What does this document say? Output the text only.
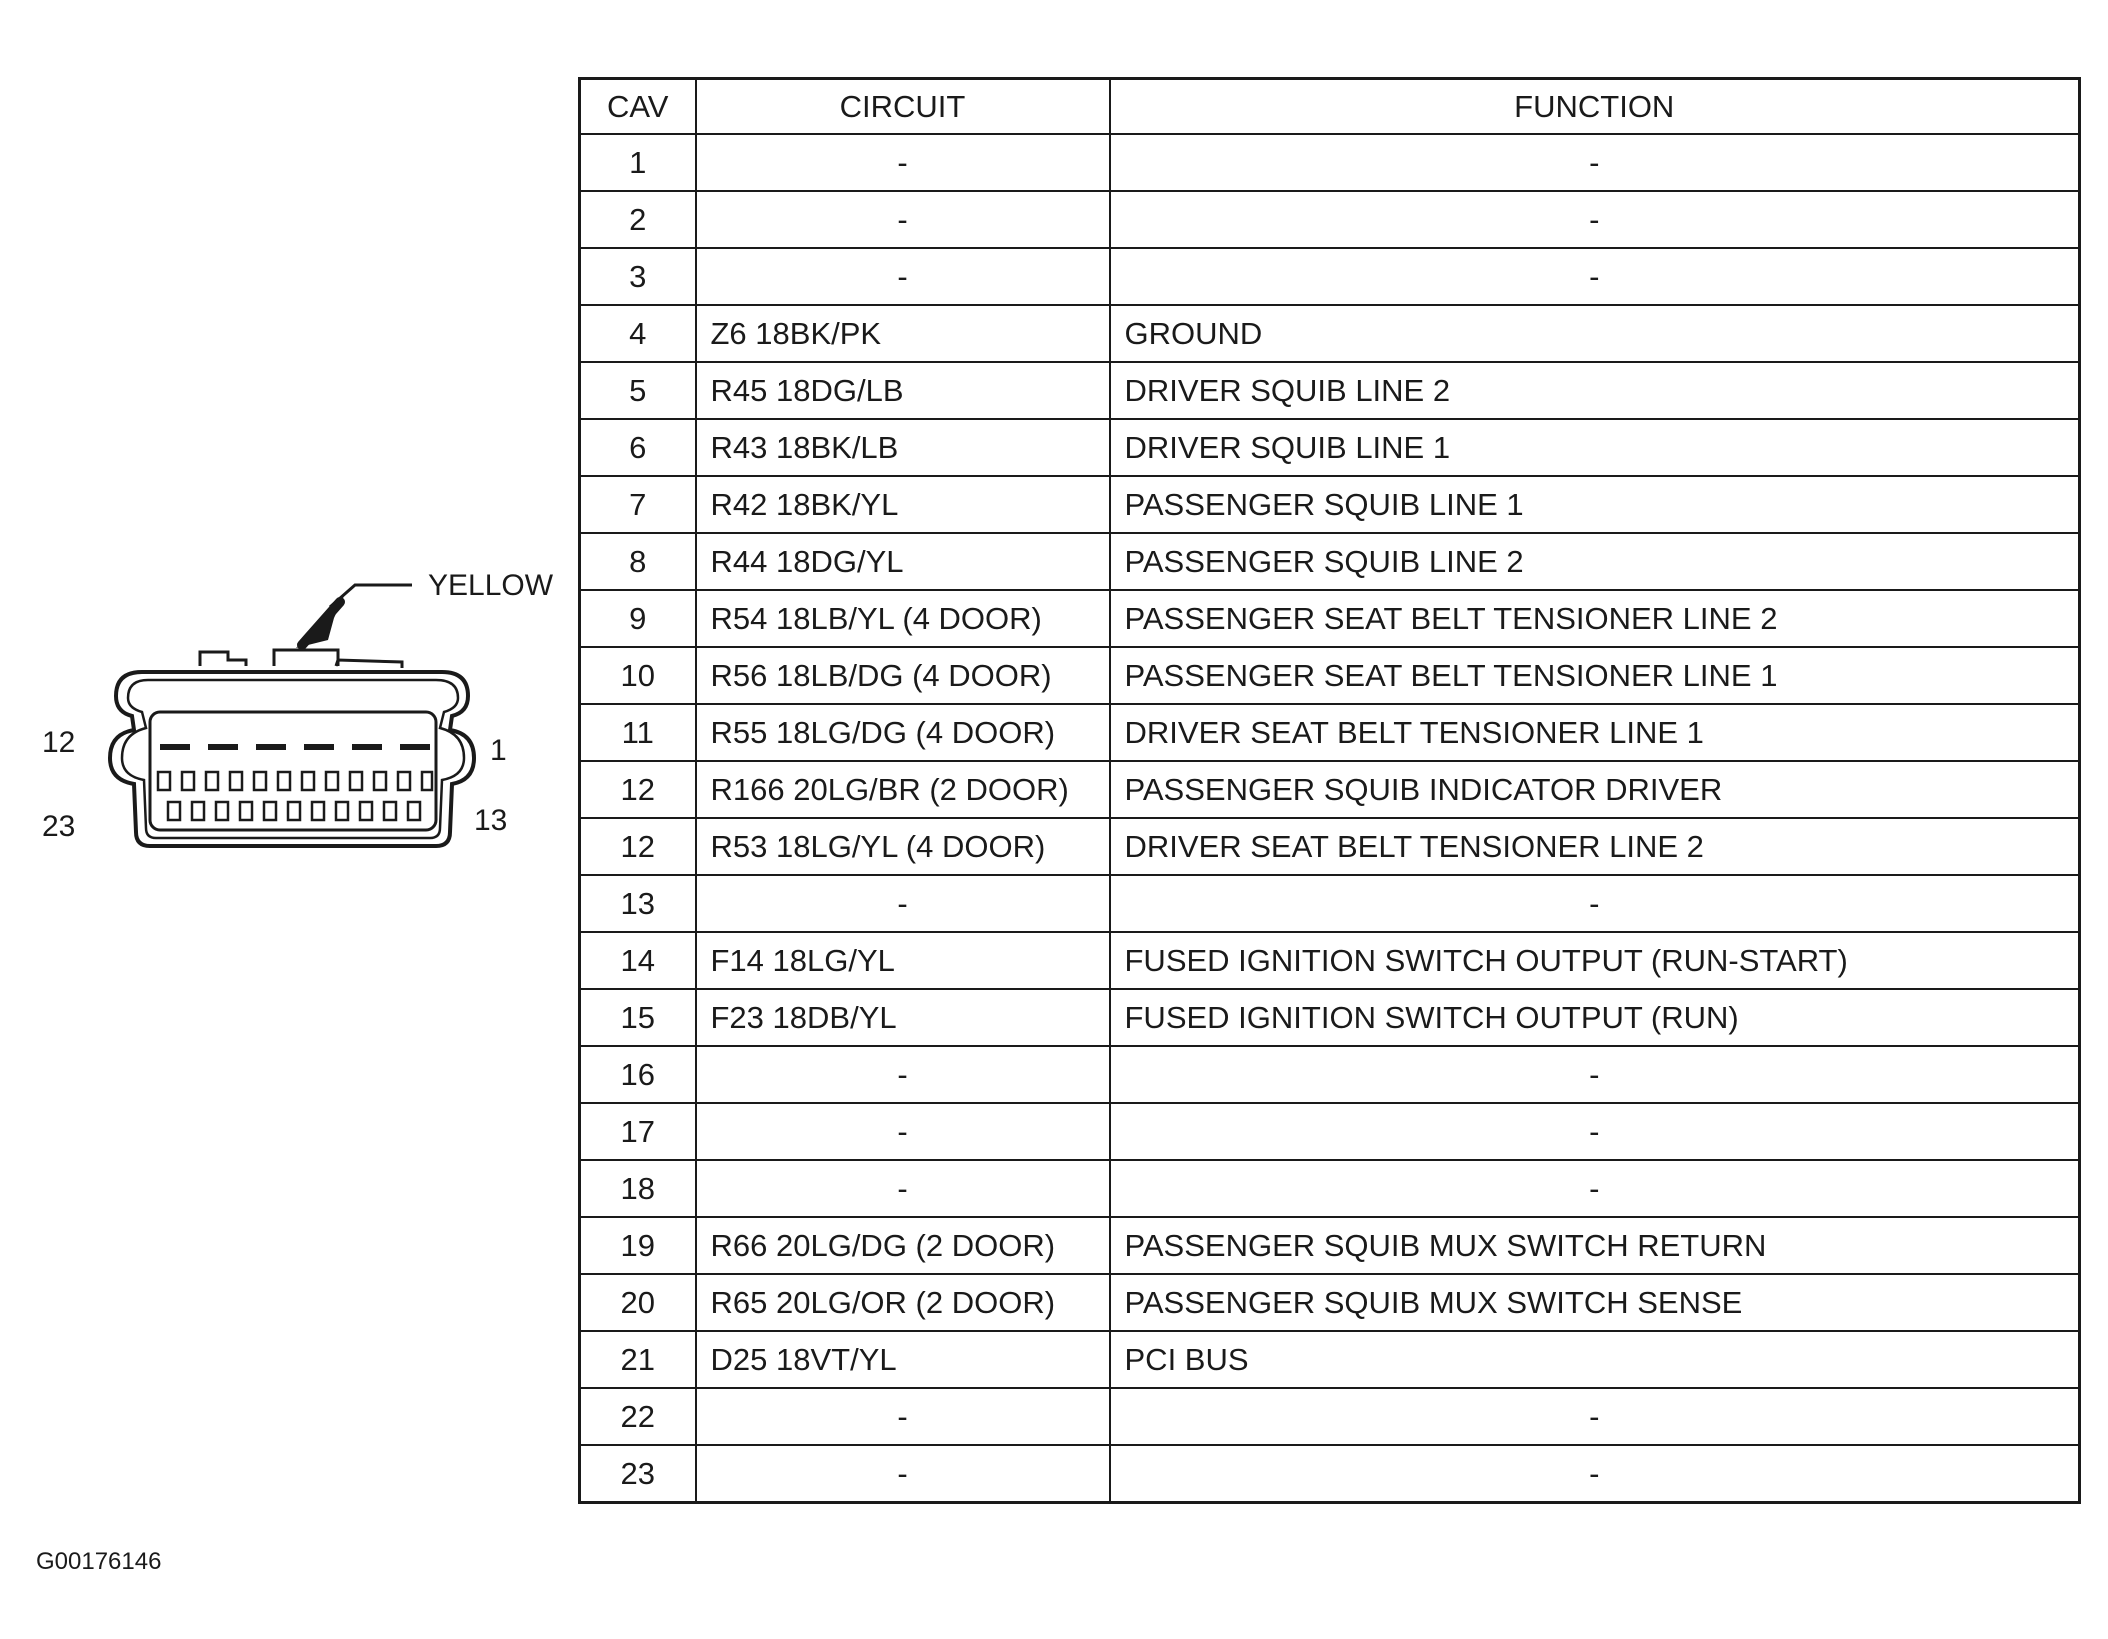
YELLOW
12	1
23	13
CAV	CIRCUIT	FUNCTION
1	-	-
2	-	-
3	-	-
4	Z6 18BK/PK	GROUND
5	R45 18DG/LB	DRIVER SQUIB LINE 2
6	R43 18BK/LB	DRIVER SQUIB LINE 1
7	R42 18BK/YL	PASSENGER SQUIB LINE 1
8	R44 18DG/YL	PASSENGER SQUIB LINE 2
9	R54 18LB/YL (4 DOOR)	PASSENGER SEAT BELT TENSIONER LINE 2
10	R56 18LB/DG (4 DOOR)	PASSENGER SEAT BELT TENSIONER LINE 1
11	R55 18LG/DG (4 DOOR)	DRIVER SEAT BELT TENSIONER LINE 1
12	R166 20LG/BR (2 DOOR)	PASSENGER SQUIB INDICATOR DRIVER
12	R53 18LG/YL (4 DOOR)	DRIVER SEAT BELT TENSIONER LINE 2
13	-	-
14	F14 18LG/YL	FUSED IGNITION SWITCH OUTPUT (RUN-START)
15	F23 18DB/YL	FUSED IGNITION SWITCH OUTPUT (RUN)
16	-	-
17	-	-
18	-	-
19	R66 20LG/DG (2 DOOR)	PASSENGER SQUIB MUX SWITCH RETURN
20	R65 20LG/OR (2 DOOR)	PASSENGER SQUIB MUX SWITCH SENSE
21	D25 18VT/YL	PCI BUS
22	-	-
23	-	-
G00176146
